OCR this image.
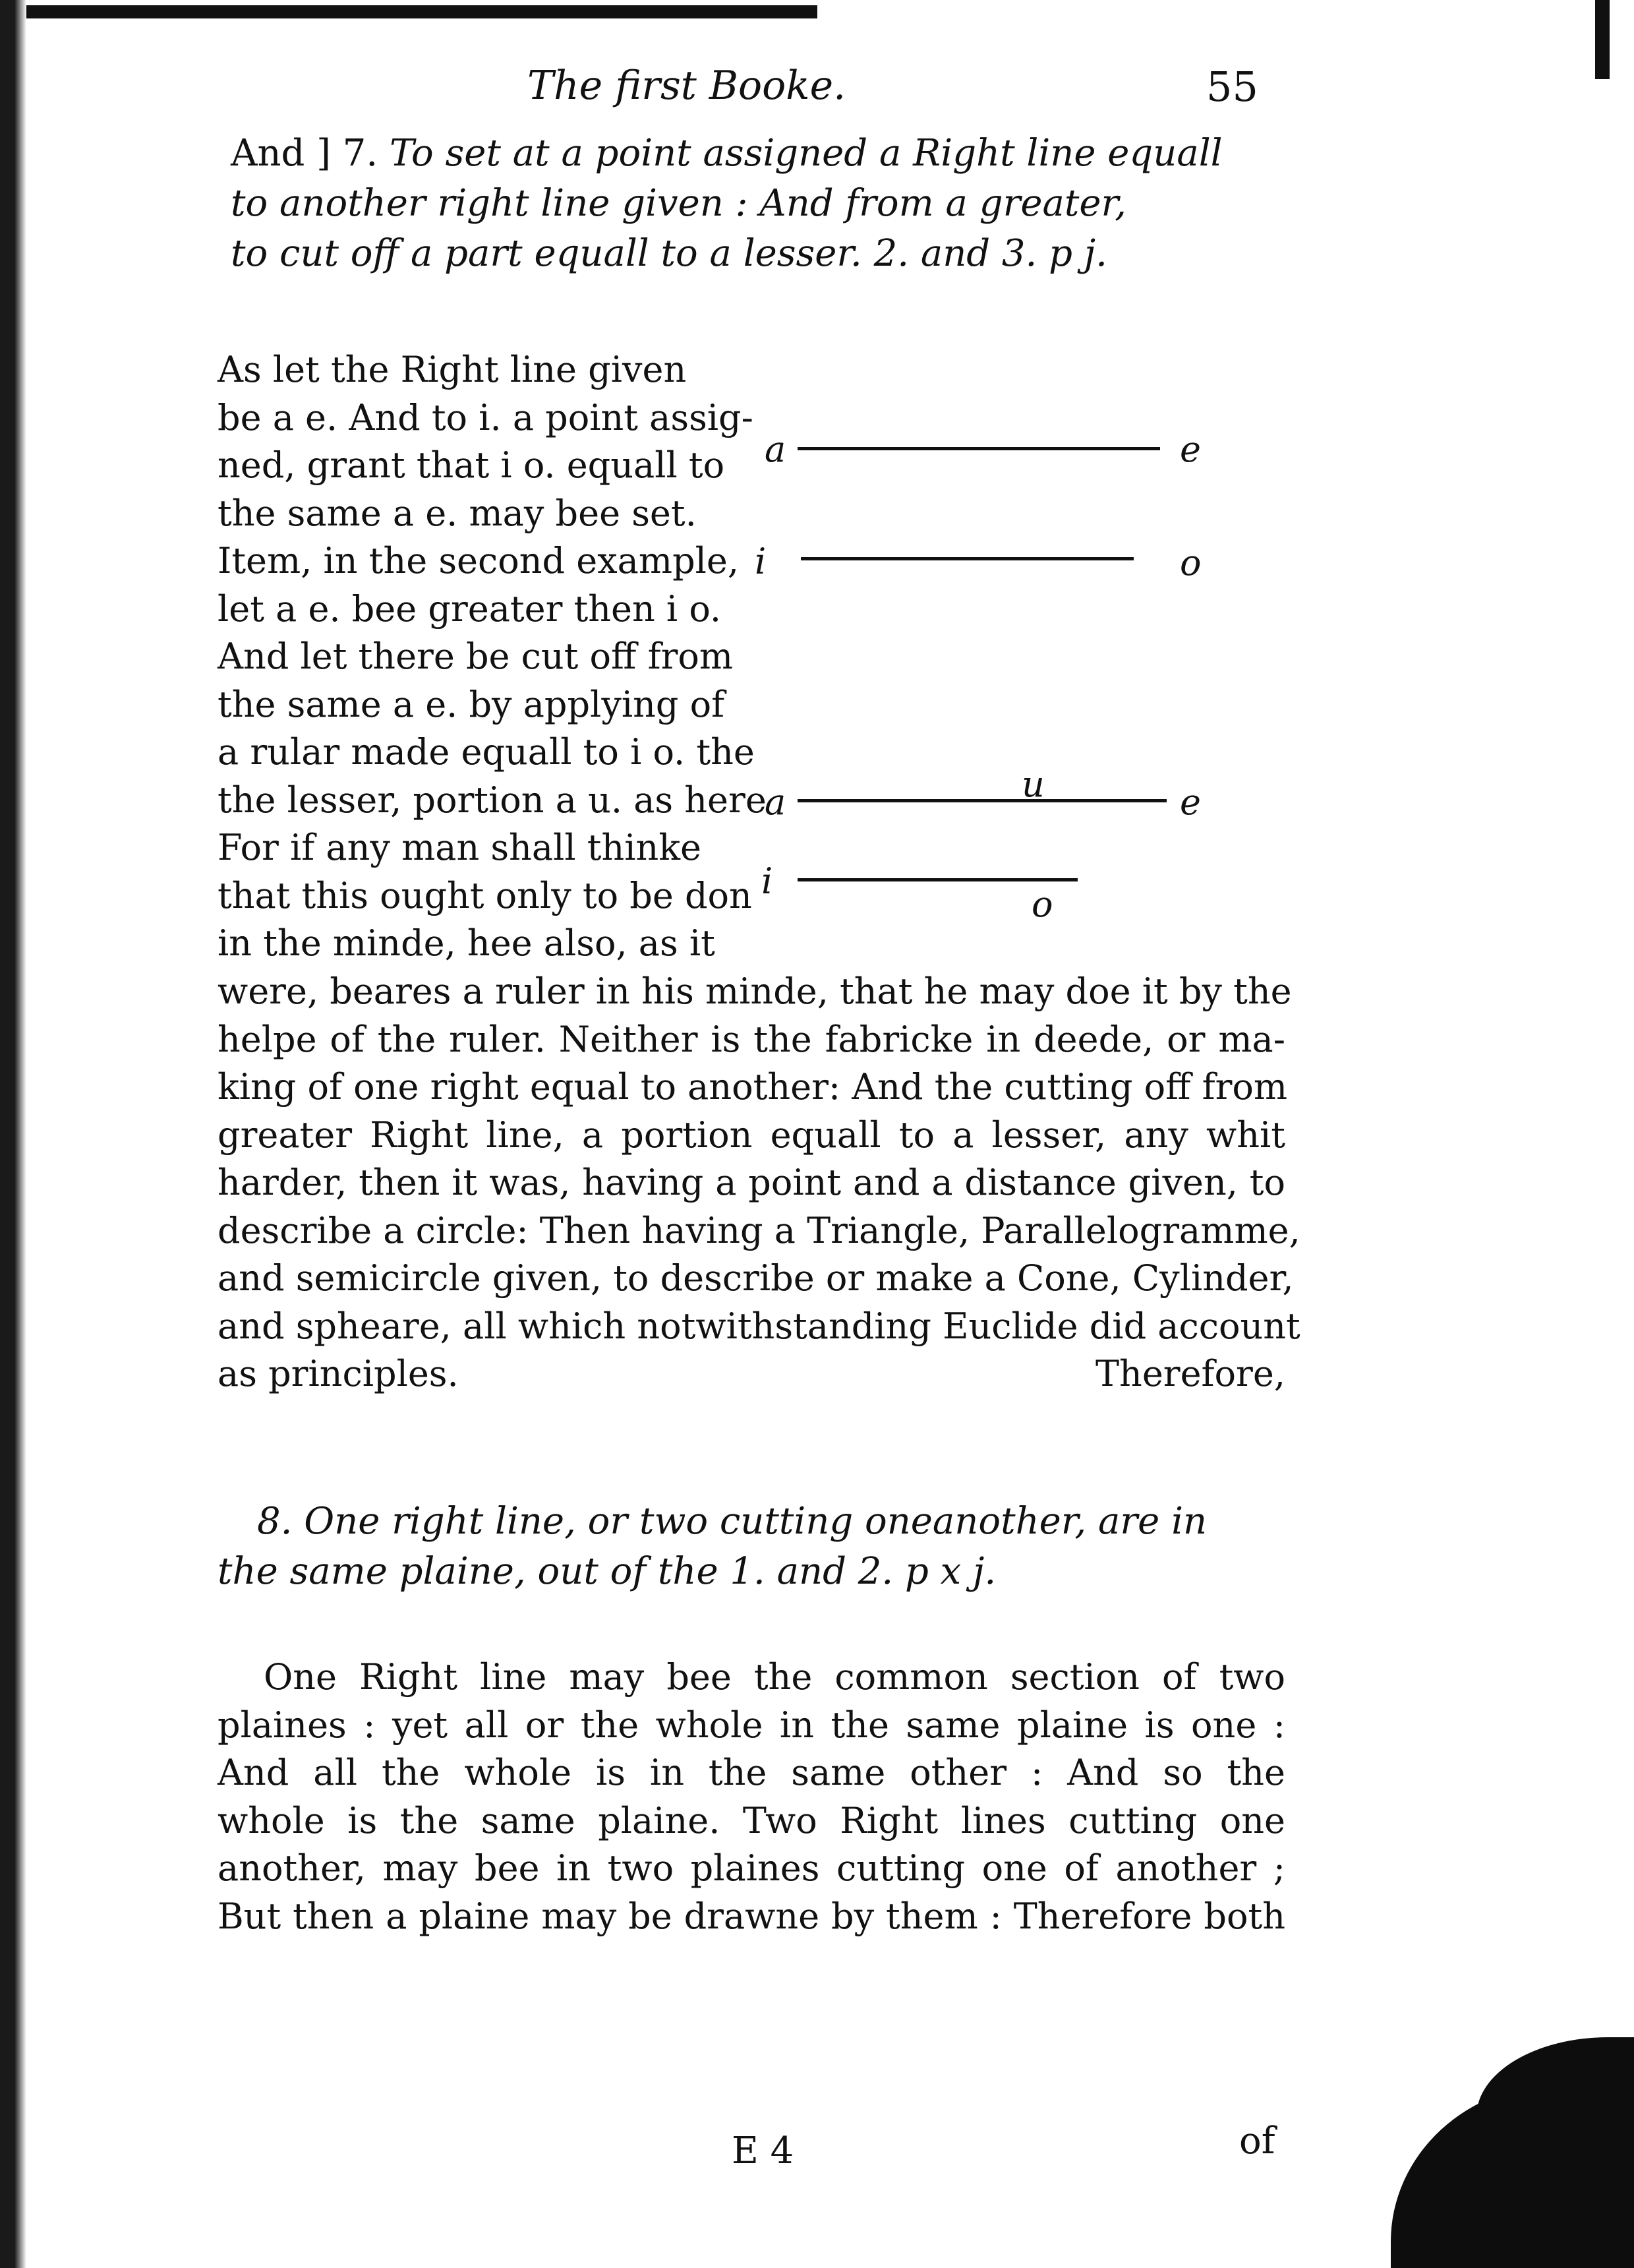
The first Booke.	55
And ] 7. To set at a point assigned a Right line equall
to another right line given : And from a greater,
to cut off a part equall to a lesser. 2. and 3. p j.
As let the Right line given
be a e. And to i. a point assig-
ned, grant that i o. equall to
the same a e. may bee set.
Item, in the second example,
let a e. bee greater then i o.
And let there be cut off from
the same a e. by applying of
a rular made equall to i o. the
the lesser, portion a u. as here
For if any man shall thinke
that this ought only to be don
in the minde, hee also, as it
a	e
i	o
a	u	e
i
o
were, beares a ruler in his minde, that he may doe it by the
helpe of the ruler. Neither is the fabricke in deede, or ma-
king of one right equal to another: And the cutting off from
greater Right line, a portion equall to a lesser, any whit
harder, then it was, having a point and a distance given, to
describe a circle: Then having a Triangle, Parallelogramme,
and semicircle given, to describe or make a Cone, Cylinder,
and spheare, all which notwithstanding Euclide did account
as principles.	Therefore,
8. One right line, or two cutting oneanother, are in
the same plaine, out of the 1. and 2. p x j.
One Right line may bee the common section of two
plaines : yet all or the whole in the same plaine is one :
And all the whole is in the same other : And so the
whole is the same plaine. Two Right lines cutting one
another, may bee in two plaines cutting one of another ;
But then a plaine may be drawne by them : Therefore both
E 4	of
